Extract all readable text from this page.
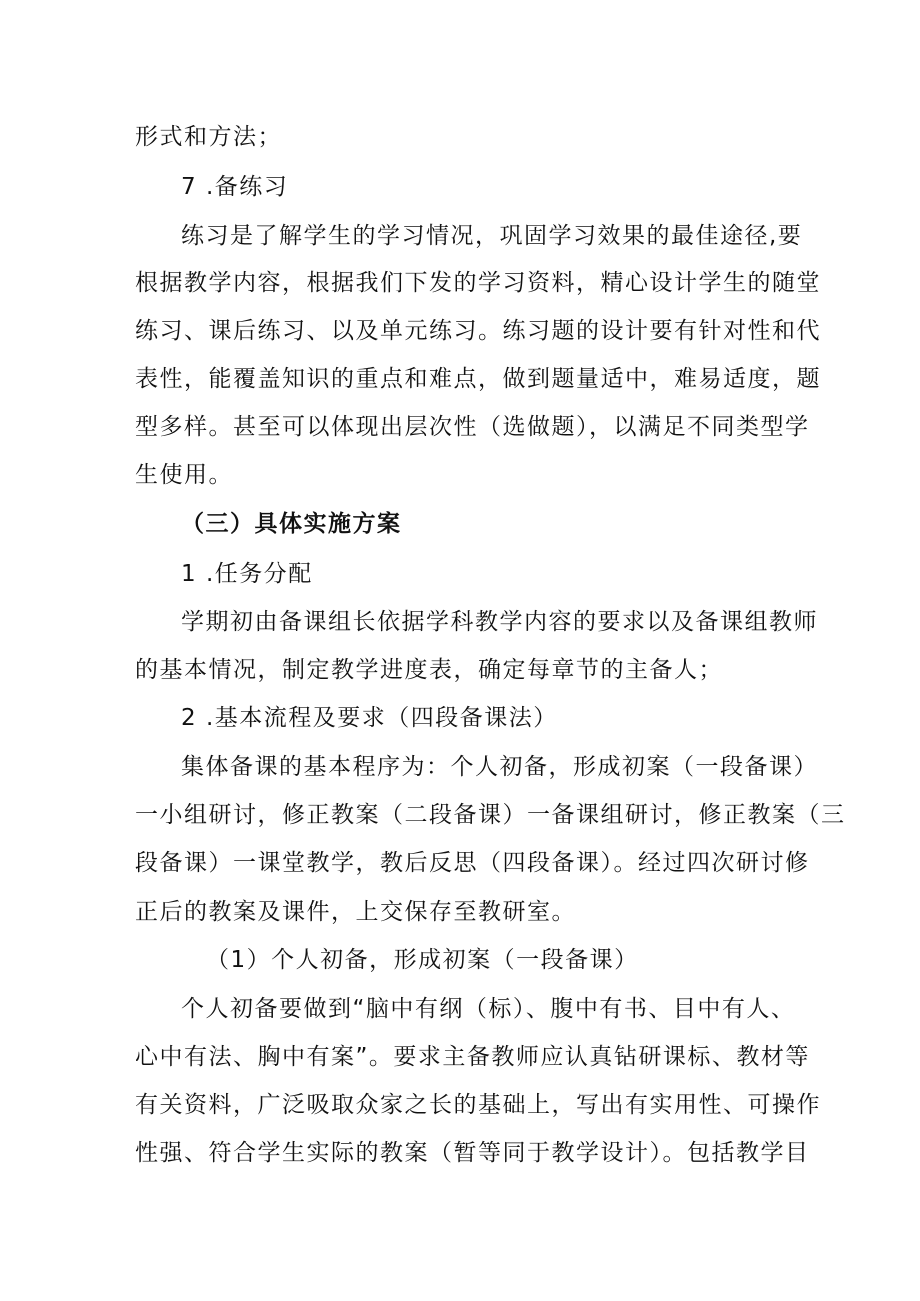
形式和方法；
7 .备练习
练习是了解学生的学习情况，巩固学习效果的最佳途径,要
根据教学内容，根据我们下发的学习资料，精心设计学生的随堂
练习、课后练习、以及单元练习。练习题的设计要有针对性和代
表性，能覆盖知识的重点和难点，做到题量适中，难易适度，题
型多样。甚至可以体现出层次性（选做题），以满足不同类型学
生使用。
（三）具体实施方案
1 .任务分配
学期初由备课组长依据学科教学内容的要求以及备课组教师
的基本情况，制定教学进度表，确定每章节的主备人；
2 .基本流程及要求（四段备课法）
集体备课的基本程序为：个人初备，形成初案（一段备课）
一小组研讨，修正教案（二段备课）一备课组研讨，修正教案（三
段备课）一课堂教学，教后反思（四段备课）。经过四次研讨修
正后的教案及课件，上交保存至教研室。
（1）个人初备，形成初案（一段备课）
个人初备要做到“脑中有纲（标）、腹中有书、目中有人、
心中有法、胸中有案”。要求主备教师应认真钻研课标、教材等
有关资料，广泛吸取众家之长的基础上，写出有实用性、可操作
性强、符合学生实际的教案（暂等同于教学设计）。包括教学目
